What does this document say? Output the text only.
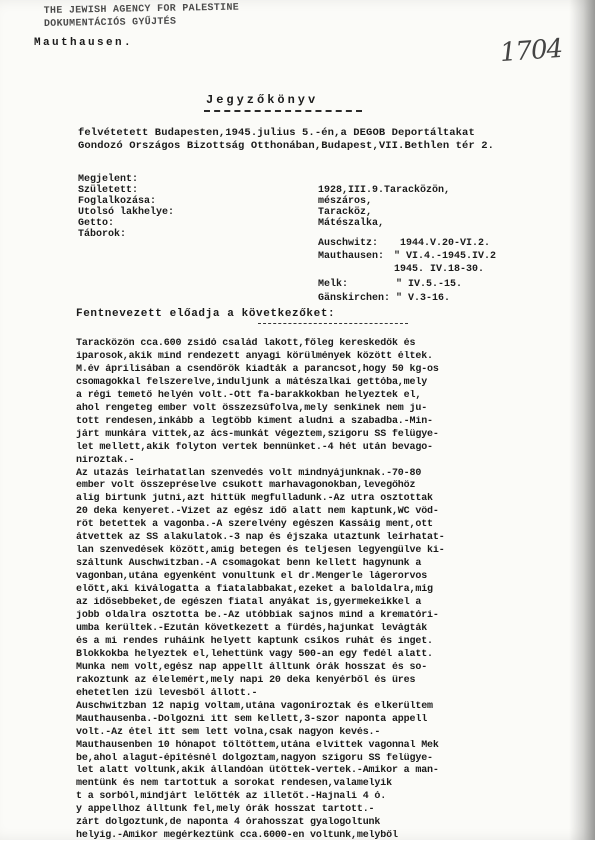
THE JEWISH AGENCY FOR PALESTINE
DOKUMENTÁCIÓS GYŰJTÉS
1704
Mauthausen.
Jegyzőkönyv
felvétetett Budapesten,1945.julius 5.-én,a DEGOB Deportáltakat
Gondozó Országos Bizottság Otthonában,Budapest,VII.Bethlen tér 2.
Megjelent:
Született:	1928,III.9.Taracközön,
Foglalkozása:	mészáros,
Utolsó lakhelye:	Taracköz,
Getto:	Mátészalka,
Táborok:
Auschwitz: 1944.V.20-VI.2.
Mauthausen: " VI.4.-1945.IV.2
1945. IV.18-30.
Melk:	" IV.5.-15.
Gänskirchen: " V.3-16.
Fentnevezett előadja a következőket:
Taracközön cca.600 zsidó család lakott,főleg kereskedők és
iparosok,akik mind rendezett anyagi körülmények között éltek.
M.év áprilisában a csendőrök kiadták a parancsot,hogy 50 kg-os
csomagokkal felszerelve,induljunk a mátészalkai gettóba,mely
a régi temető helyén volt.-Ott fa-barakkokban helyeztek el,
ahol rengeteg ember volt összezsúfolva,mely senkinek nem ju-
tott rendesen,inkább a legtöbb kiment aludni a szabadba.-Min-
járt munkára vittek,az ács-munkát végeztem,szigoru SS felügye-
let mellett,akik folyton vertek bennünket.-4 hét után bevago-
niroztak.-
Az utazás leírhatatlan szenvedés volt mindnyájunknak.-70-80
ember volt összepréselve csukott marhavagonokban,levegőhöz
alig birtunk jutni,azt hittük megfulladunk.-Az utra osztottak
20 deka kenyeret.-Vizet az egész idő alatt nem kaptunk,WC vöd-
röt betettek a vagonba.-A szerelvény egészen Kassáig ment,ott
átvettek az SS alakulatok.-3 nap és éjszaka utaztunk leírhatat-
lan szenvedések között,amig betegen és teljesen legyengülve ki-
száltunk Auschwitzban.-A csomagokat benn kellett hagynunk a
vagonban,utána egyenként vonultunk el dr.Mengerle lágerorvos
előtt,aki kiválogatta a fiatalabbakat,ezeket a baloldalra,míg
az idősebbeket,de egészen fiatal anyákat is,gyermekeikkel a
jobb oldalra osztotta be.-Az utóbbiak sajnos mind a krematóri-
umba kerültek.-Ezután következett a fürdés,hajunkat levágták
és a mi rendes ruháink helyett kaptunk csíkos ruhát és inget.
Blokkokba helyeztek el,lehettünk vagy 500-an egy fedél alatt.
Munka nem volt,egész nap appellt álltunk órák hosszat és so-
rakoztunk az élelemért,mely napi 20 deka kenyérből és üres
ehetetlen izü levesből állott.-
Auschwitzban 12 napig voltam,utána vagoníroztak és elkerültem
Mauthausenba.-Dolgozni itt sem kellett,3-szor naponta appell
volt.-Az étel itt sem lett volna,csak nagyon kevés.-
Mauthausenben 10 hónapot töltöttem,utána elvittek vagonnal Mek
be,ahol alagut-építésnél dolgoztam,nagyon szigoru SS felügye-
let alatt voltunk,akik állandóan ütöttek-vertek.-Amikor a man-
mentünk és nem tartottuk a sorokat rendesen,valamelyik
t a sorból,mindjárt lelőtték az illetőt.-Hajnali 4 ó.
y appellhoz álltunk fel,mely órák hosszat tartott.-
zárt dolgoztunk,de naponta 4 órahosszat gyalogoltunk
helyig.-Amikor megérkeztünk cca.6000-en voltunk,melyből
